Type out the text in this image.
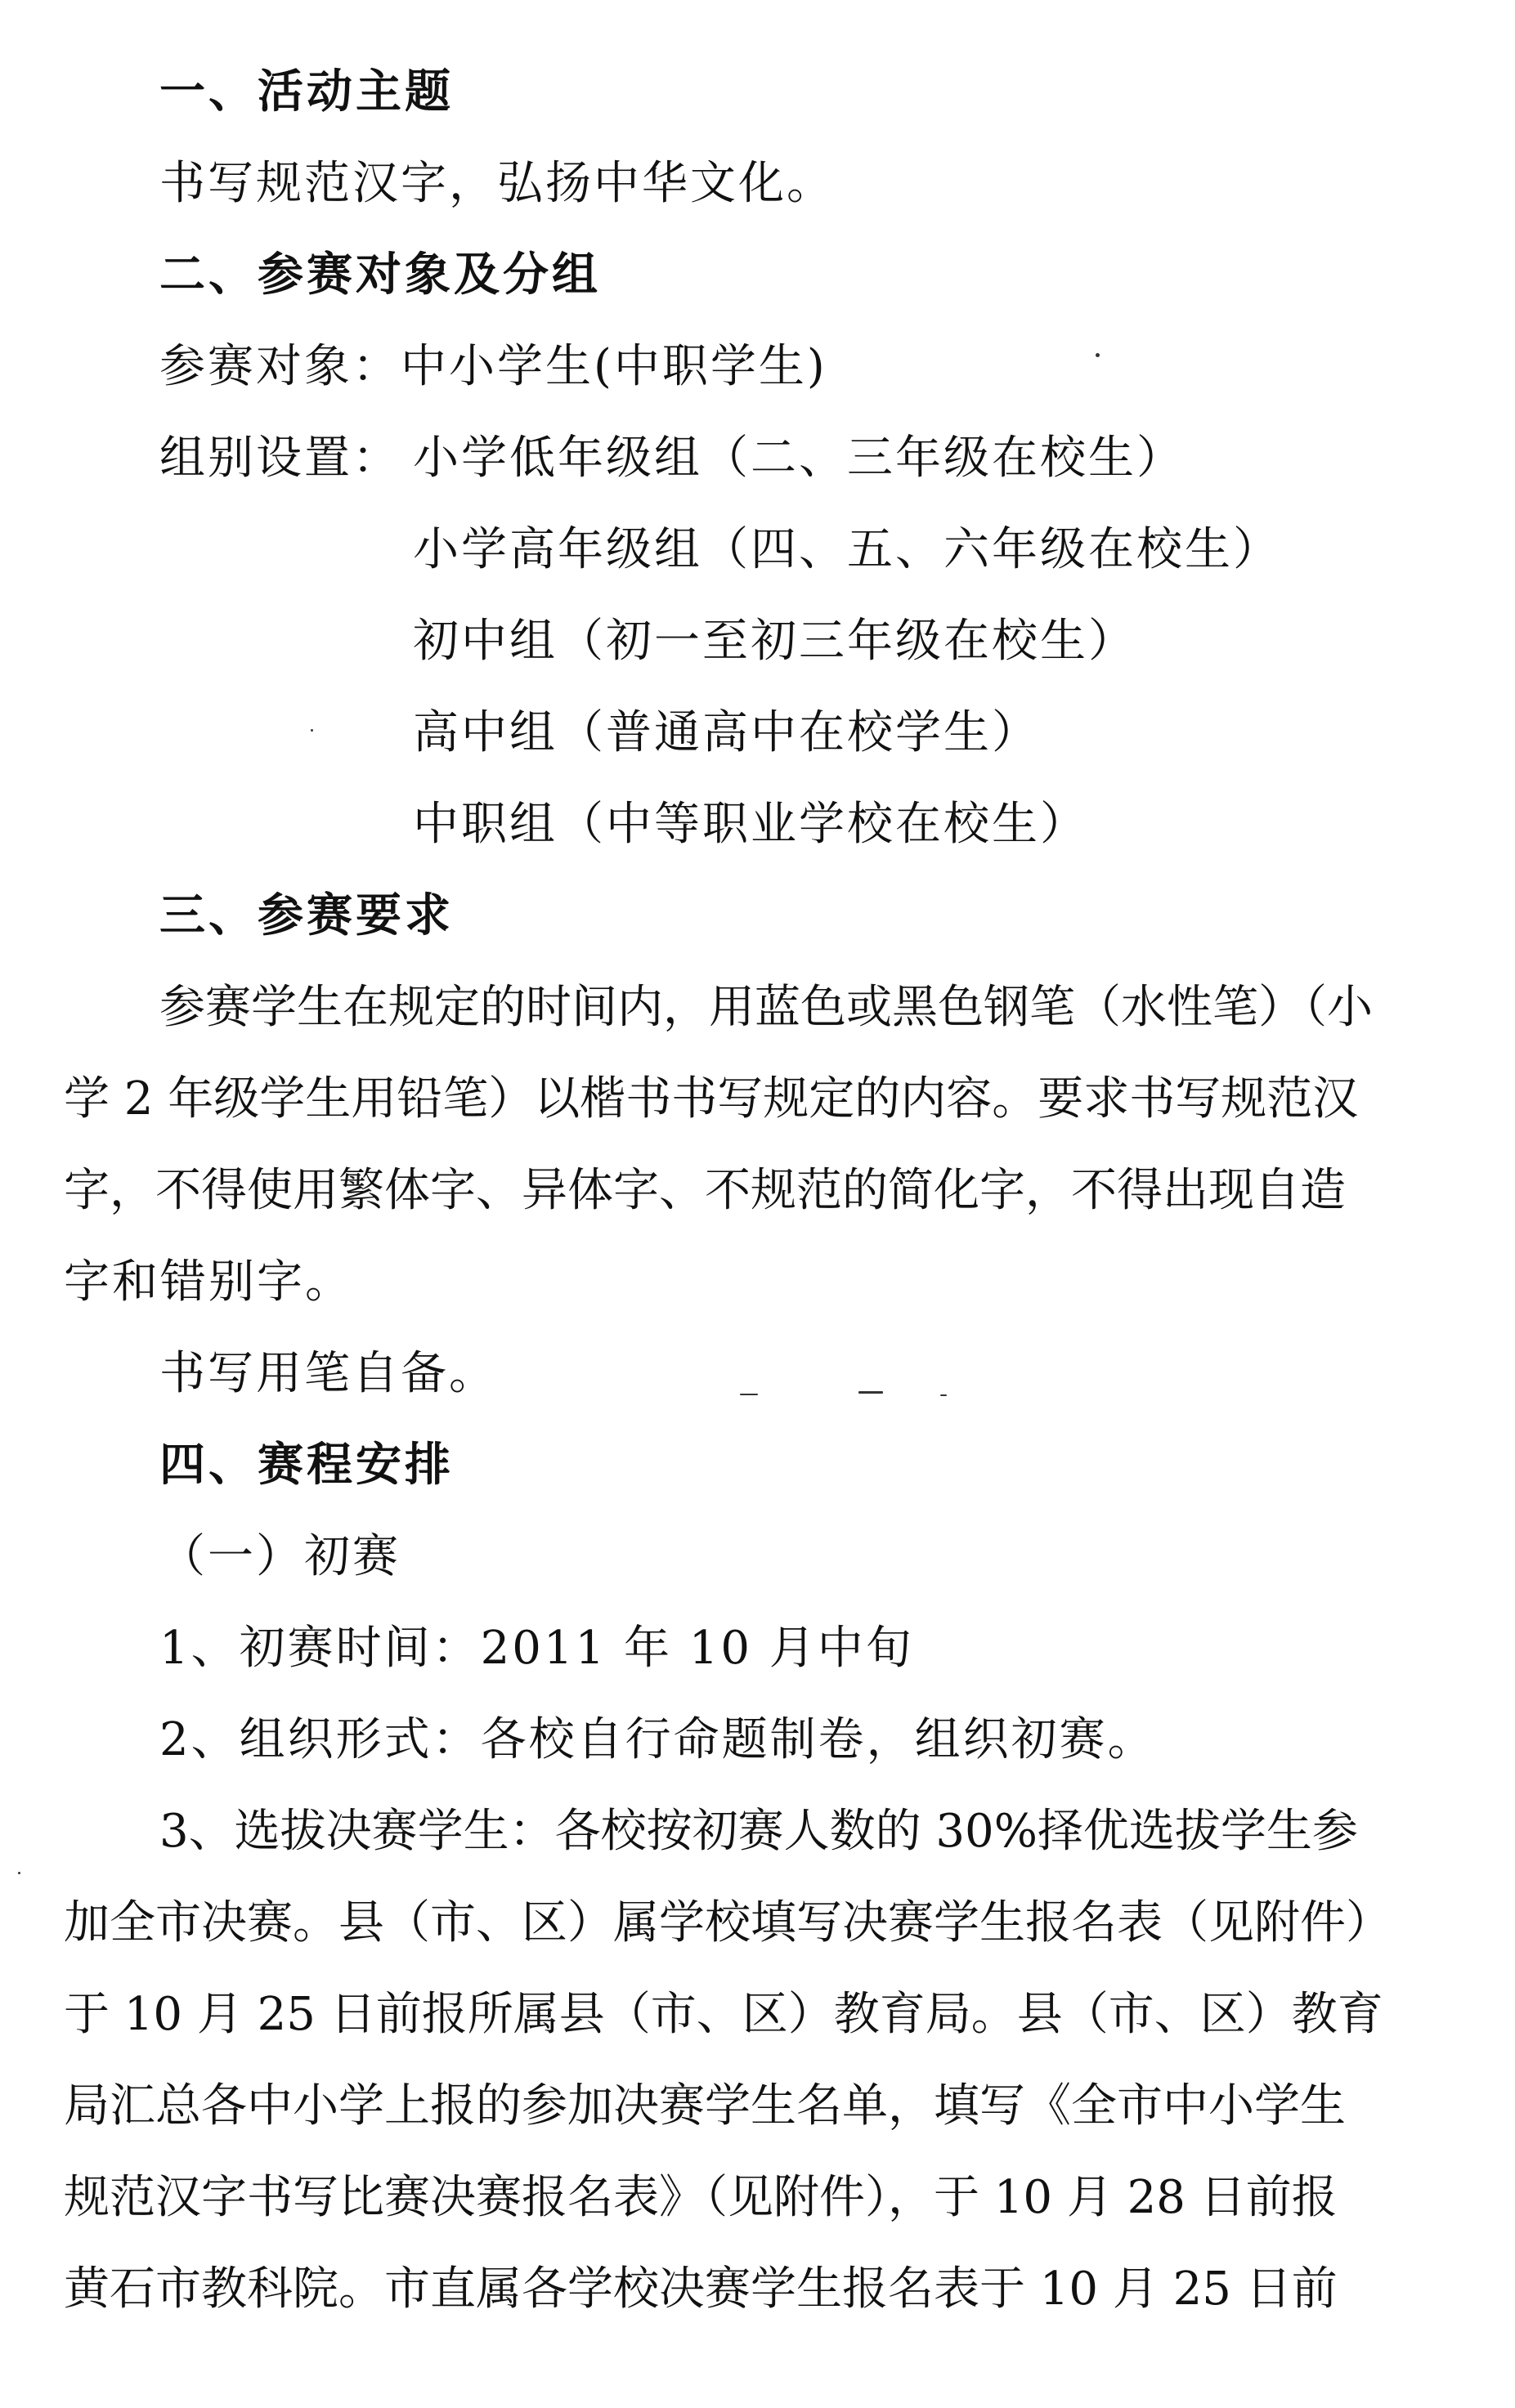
一、活动主题
书写规范汉字，弘扬中华文化。
二、参赛对象及分组
参赛对象：中小学生(中职学生)
组别设置： 小学低年级组（二、三年级在校生）
小学高年级组（四、五、六年级在校生）
初中组（初一至初三年级在校生）
高中组（普通高中在校学生）
中职组（中等职业学校在校生）
三、参赛要求
参赛学生在规定的时间内，用蓝色或黑色钢笔（水性笔）（小
学 2 年级学生用铅笔）以楷书书写规定的内容。要求书写规范汉
字，不得使用繁体字、异体字、不规范的简化字，不得出现自造
字和错别字。
书写用笔自备。
四、赛程安排
（一）初赛
1、初赛时间：2011 年 10 月中旬
2、组织形式：各校自行命题制卷，组织初赛。
3、选拔决赛学生：各校按初赛人数的 30%择优选拔学生参
加全市决赛。县（市、区）属学校填写决赛学生报名表（见附件）
于 10 月 25 日前报所属县（市、区）教育局。县（市、区）教育
局汇总各中小学上报的参加决赛学生名单，填写《全市中小学生
规范汉字书写比赛决赛报名表》（见附件），于 10 月 28 日前报
黄石市教科院。市直属各学校决赛学生报名表于 10 月 25 日前
